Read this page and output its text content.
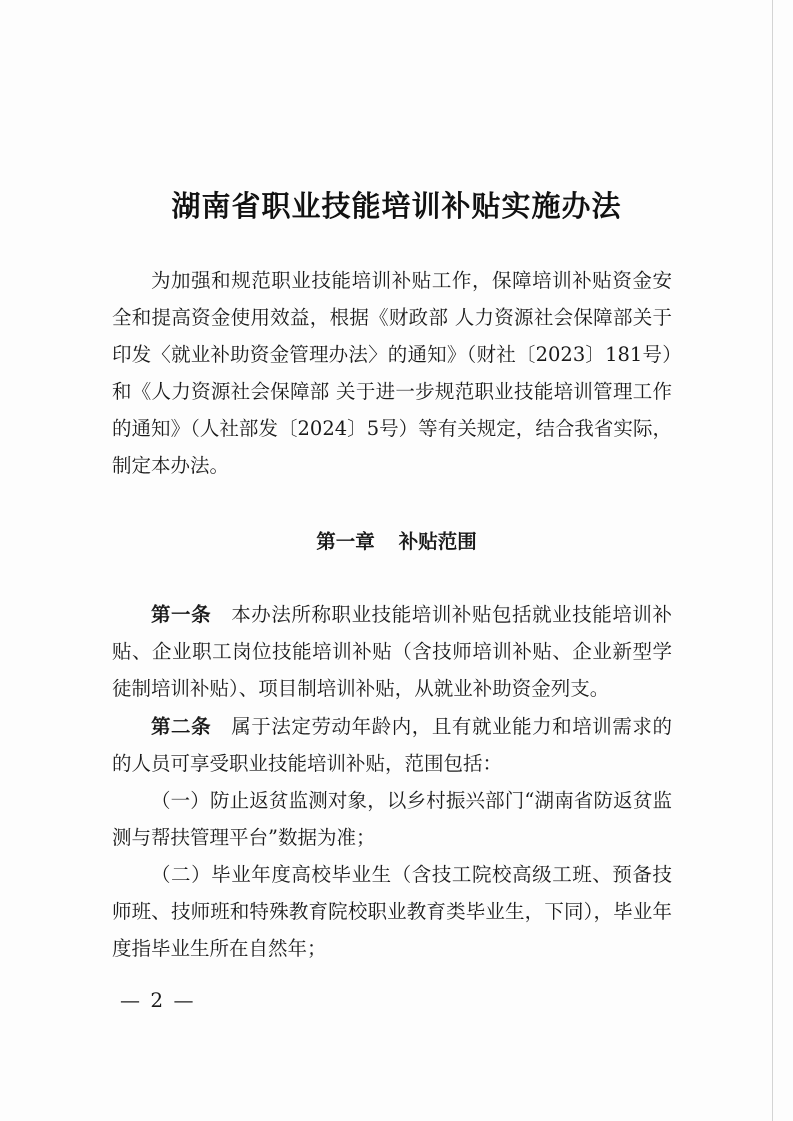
湖南省职业技能培训补贴实施办法

为加强和规范职业技能培训补贴工作，保障培训补贴资金安全和提高资金使用效益，根据《财政部 人力资源社会保障部关于印发〈就业补助资金管理办法〉的通知》（财社〔2023〕181号）和《人力资源社会保障部 关于进一步规范职业技能培训管理工作的通知》（人社部发〔2024〕5号）等有关规定，结合我省实际，制定本办法。

第一章 补贴范围

第一条　 本办法所称职业技能培训补贴包括就业技能培训补贴、企业职工岗位技能培训补贴（含技师培训补贴、企业新型学徒制培训补贴）、项目制培训补贴，从就业补助资金列支。

第二条　 属于法定劳动年龄内，且有就业能力和培训需求的的人员可享受职业技能培训补贴，范围包括：

（一）防止返贫监测对象，以乡村振兴部门“湖南省防返贫监测与帮扶管理平台”数据为准；

（二）毕业年度高校毕业生（含技工院校高级工班、预备技师班、技师班和特殊教育院校职业教育类毕业生，下同），毕业年度指毕业生所在自然年；

— 2 —
